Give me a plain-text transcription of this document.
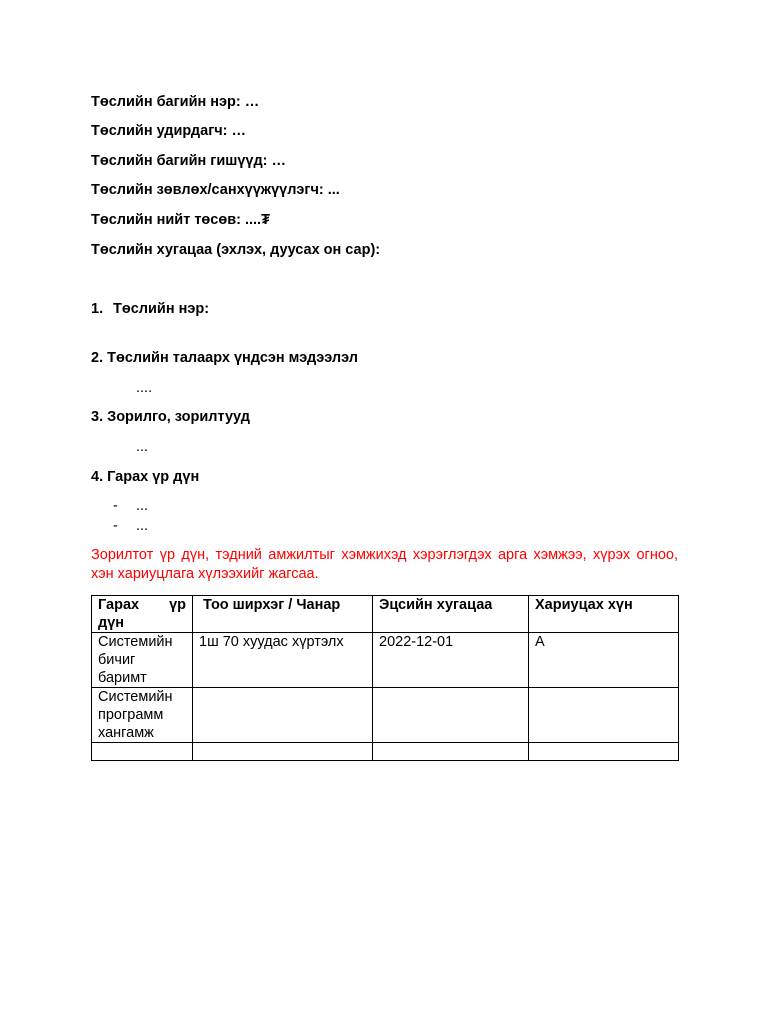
Төслийн багийн нэр: …
Төслийн удирдагч: …
Төслийн багийн гишүүд: …
Төслийн зөвлөх/санхүүжүүлэгч: ...
Төслийн нийт төсөв: ....₮
Төслийн хугацаа (эхлэх, дуусах он сар):
1. Төслийн нэр:
2. Төслийн талаарх үндсэн мэдээлэл
....
3. Зорилго, зорилтууд
...
4. Гарах үр дүн
- ...
- ...
Зорилтот үр дүн, тэдний амжилтыг хэмжихэд хэрэглэгдэх арга хэмжээ, хүрэх огноо, хэн хариуцлага хүлээхийг жагсаа.
Гарах үр дүн	Тоо ширхэг / Чанар	Эцсийн хугацаа	Хариуцах хүн
Системийн бичиг баримт	1ш 70 хуудас хүртэлх	2022-12-01	A
Системийн программ хангамж			
